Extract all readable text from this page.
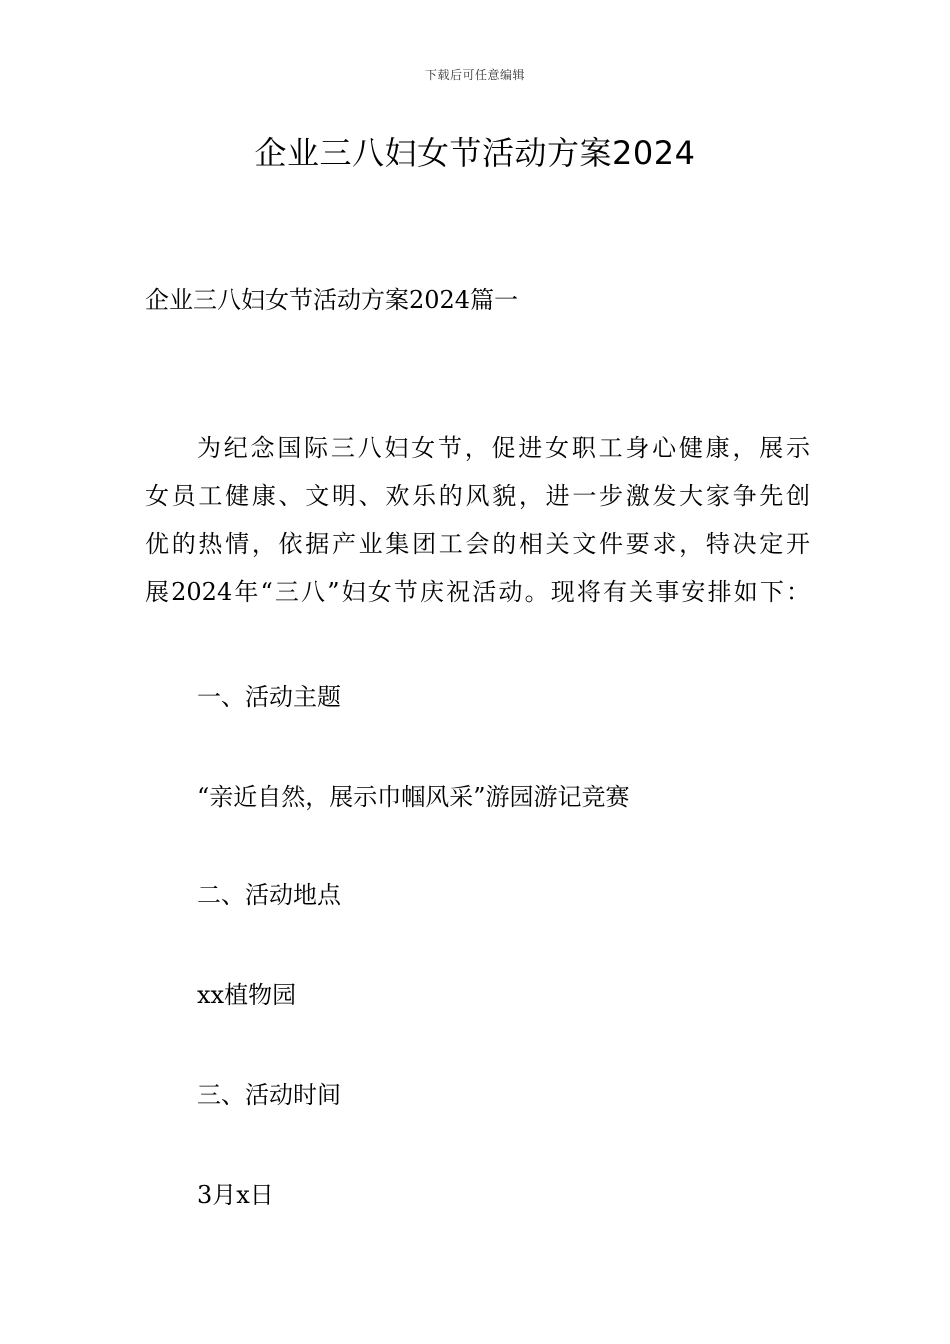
下载后可任意编辑
企业三八妇女节活动方案2024

企业三八妇女节活动方案2024篇一

为纪念国际三八妇女节，促进女职工身心健康，展示
女员工健康、文明、欢乐的风貌，进一步激发大家争先创
优的热情，依据产业集团工会的相关文件要求，特决定开
展2024年“三八”妇女节庆祝活动。现将有关事安排如下：

一、活动主题

“亲近自然，展示巾帼风采”游园游记竞赛

二、活动地点

xx植物园

三、活动时间

3月x日
